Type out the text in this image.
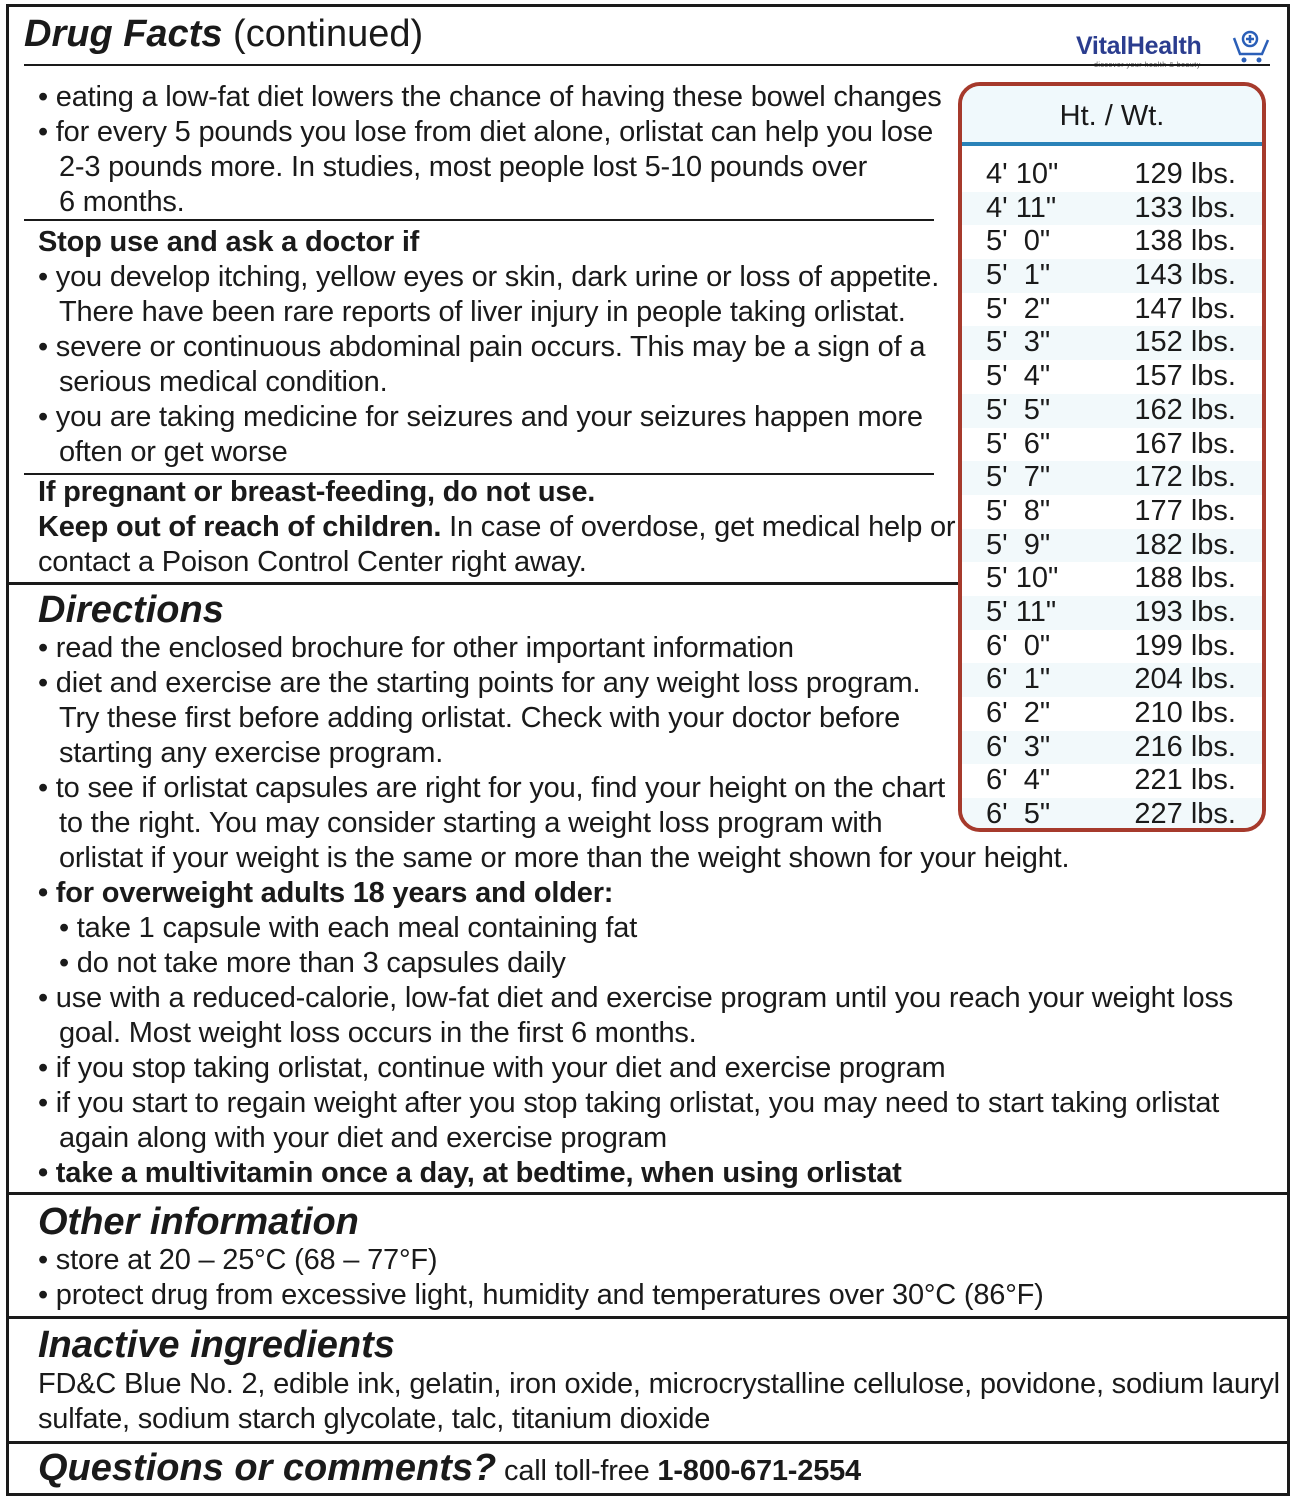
Drug Facts (continued)	VitalHealth
• eating a low-fat diet lowers the chance of having these bowel changes
• for every 5 pounds you lose from diet alone, orlistat can help you lose
2-3 pounds more. In studies, most people lost 5-10 pounds over
6 months.
Stop use and ask a doctor if
• you develop itching, yellow eyes or skin, dark urine or loss of appetite.
There have been rare reports of liver injury in people taking orlistat.
• severe or continuous abdominal pain occurs. This may be a sign of a
serious medical condition.
• you are taking medicine for seizures and your seizures happen more
often or get worse
If pregnant or breast-feeding, do not use.
Keep out of reach of children. In case of overdose, get medical help or
contact a Poison Control Center right away.
Directions
• read the enclosed brochure for other important information
• diet and exercise are the starting points for any weight loss program.
Try these first before adding orlistat. Check with your doctor before
starting any exercise program.
• to see if orlistat capsules are right for you, find your height on the chart
to the right. You may consider starting a weight loss program with
orlistat if your weight is the same or more than the weight shown for your height.
• for overweight adults 18 years and older:
• take 1 capsule with each meal containing fat
• do not take more than 3 capsules daily
• use with a reduced-calorie, low-fat diet and exercise program until you reach your weight loss
goal. Most weight loss occurs in the first 6 months.
• if you stop taking orlistat, continue with your diet and exercise program
• if you start to regain weight after you stop taking orlistat, you may need to start taking orlistat
again along with your diet and exercise program
• take a multivitamin once a day, at bedtime, when using orlistat
Other information
• store at 20 – 25°C (68 – 77°F)
• protect drug from excessive light, humidity and temperatures over 30°C (86°F)
Inactive ingredients
FD&C Blue No. 2, edible ink, gelatin, iron oxide, microcrystalline cellulose, povidone, sodium lauryl
sulfate, sodium starch glycolate, talc, titanium dioxide
Questions or comments? call toll-free 1-800-671-2554
Ht. / Wt.
4' 10"	129 lbs.
4' 11"	133 lbs.
5'  0"	138 lbs.
5'  1"	143 lbs.
5'  2"	147 lbs.
5'  3"	152 lbs.
5'  4"	157 lbs.
5'  5"	162 lbs.
5'  6"	167 lbs.
5'  7"	172 lbs.
5'  8"	177 lbs.
5'  9"	182 lbs.
5' 10"	188 lbs.
5' 11"	193 lbs.
6'  0"	199 lbs.
6'  1"	204 lbs.
6'  2"	210 lbs.
6'  3"	216 lbs.
6'  4"	221 lbs.
6'  5"	227 lbs.
